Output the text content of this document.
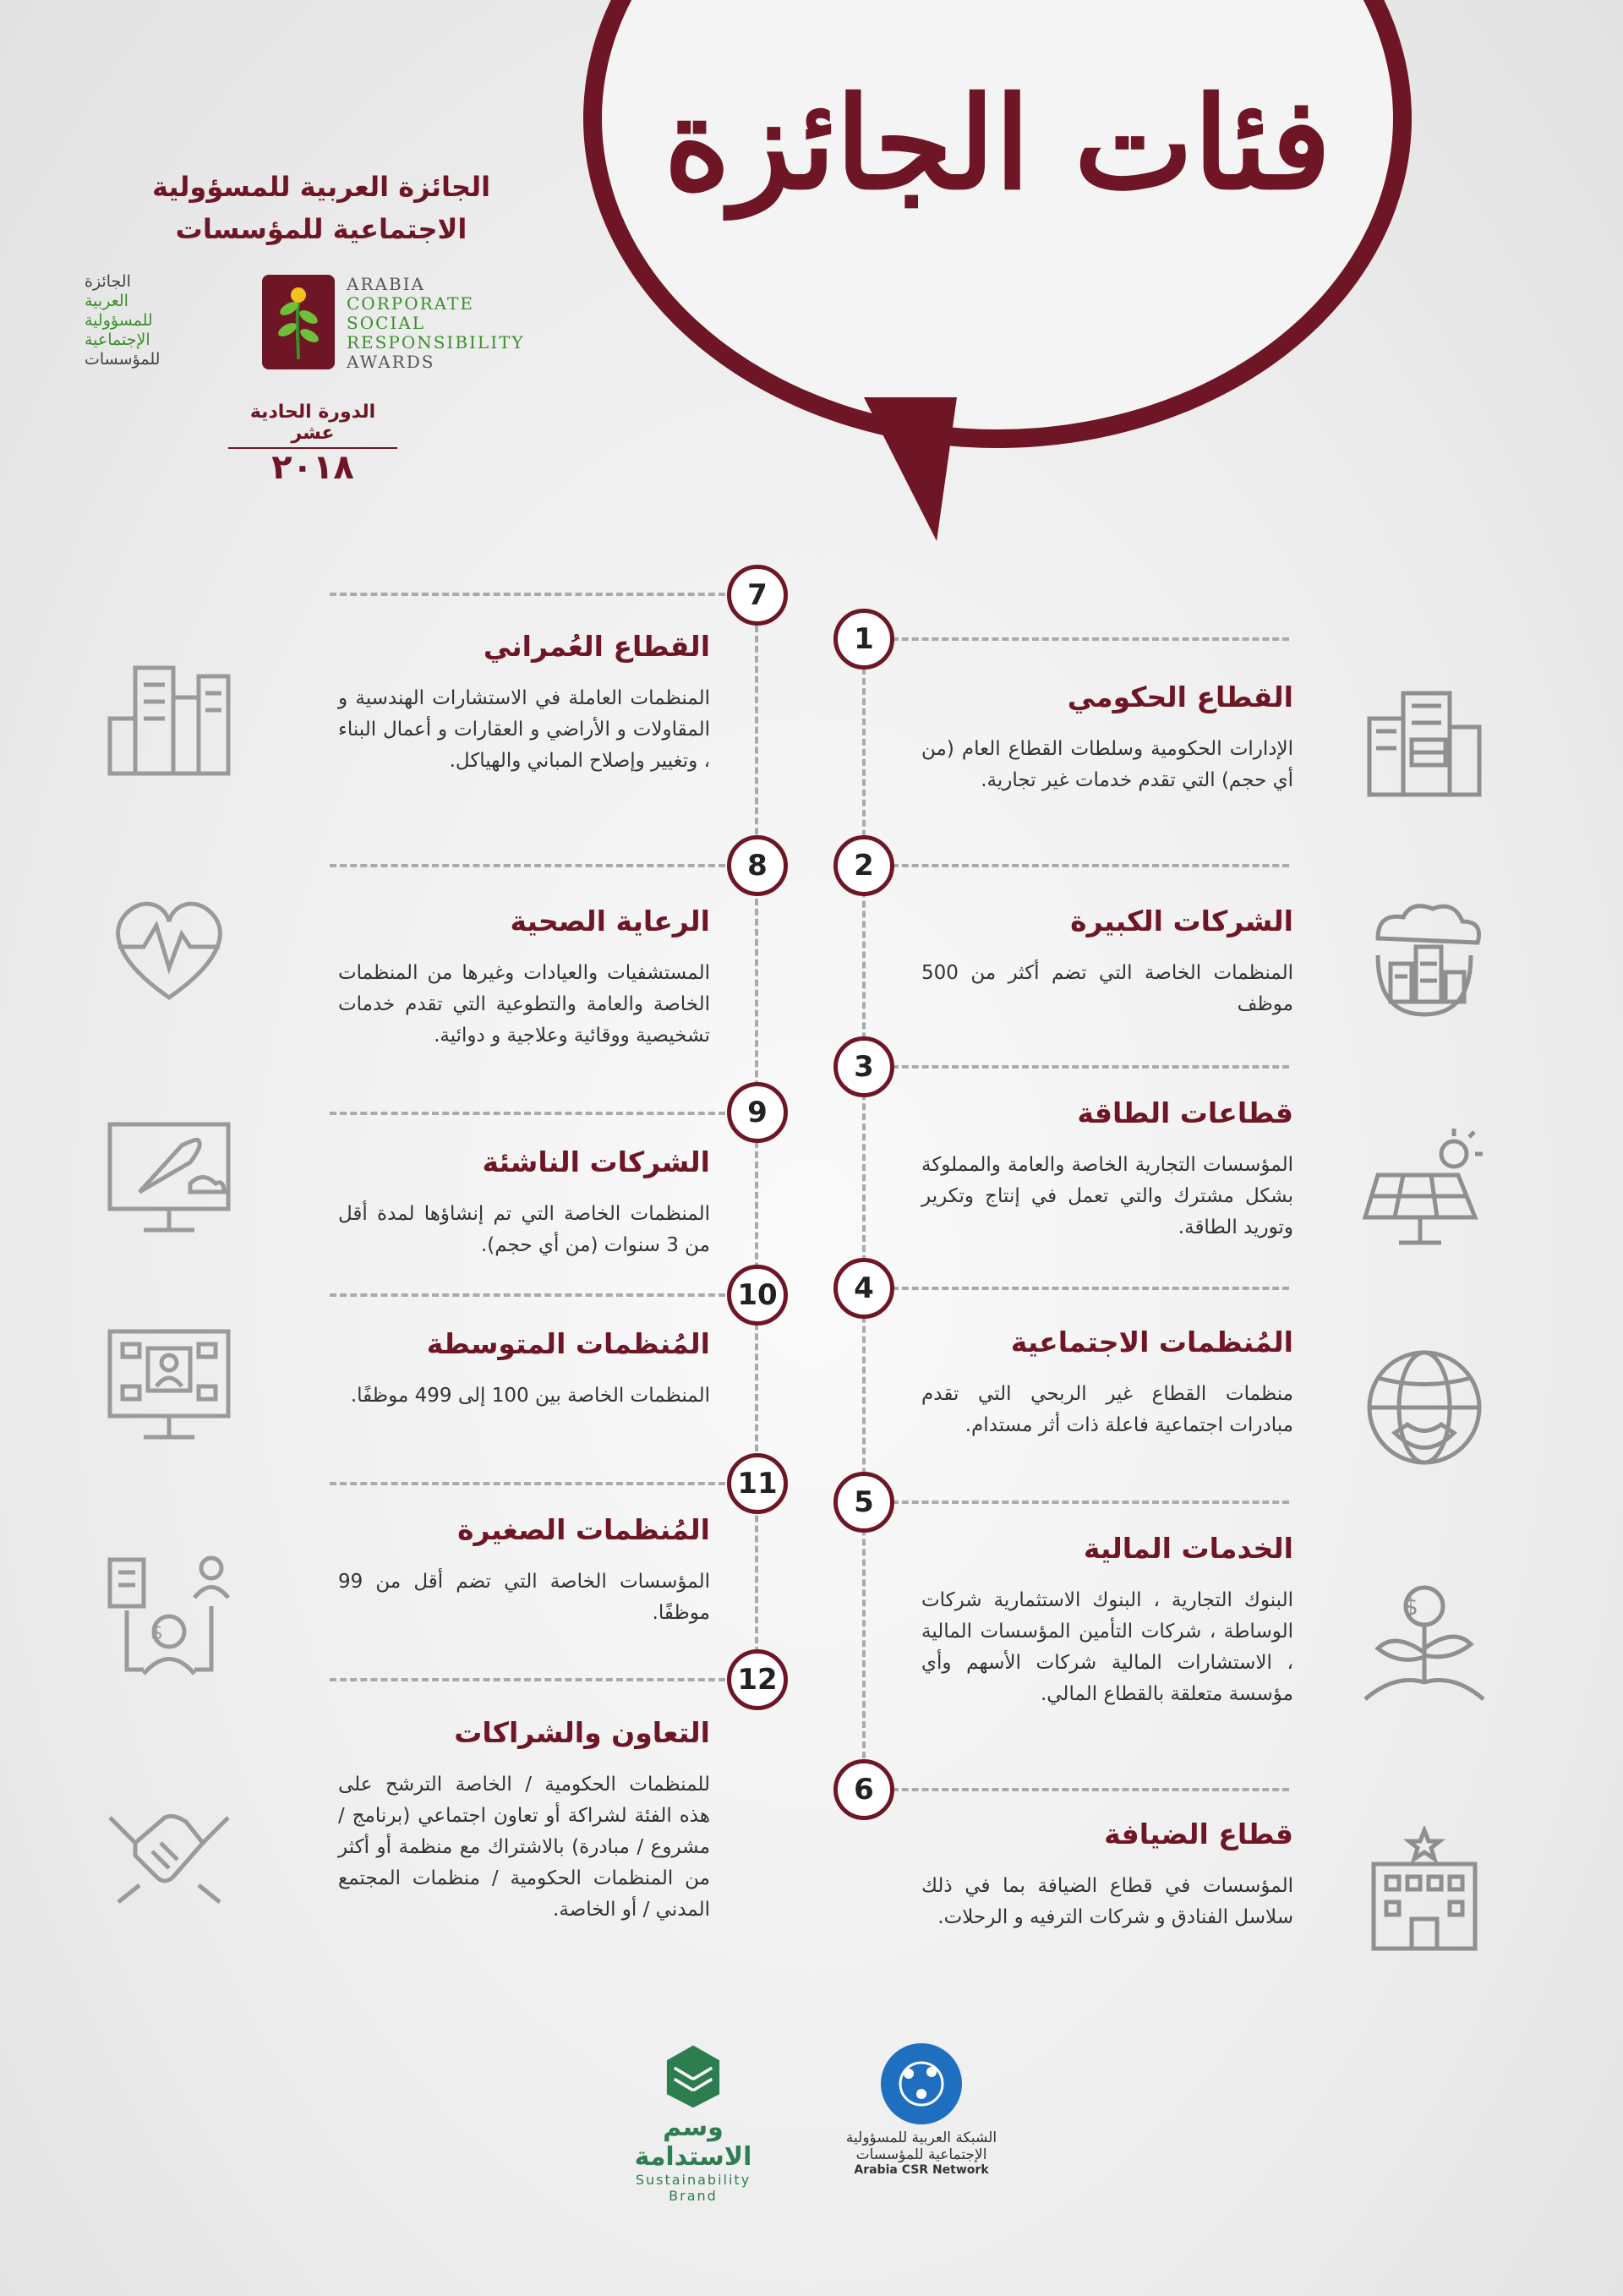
فئات الجائزة
الجائزة العربية للمسؤولية
الاجتماعية للمؤسسات
ARABIA
CORPORATE
SOCIAL
RESPONSIBILITY
AWARDS
الجائزة
العربية
للمسؤولية
الإجتماعية
للمؤسسات
الدورة الحادية عشر
٢٠١٨
1
2
3
4
5
6
7
8
9
10
11
12
القطاع الحكومي

الإدارات الحكومية وسلطات القطاع العام (من أي حجم) التي تقدم خدمات غير تجارية.

الشركات الكبيرة

المنظمات الخاصة التي تضم أكثر من 500 موظف

قطاعات الطاقة

المؤسسات التجارية الخاصة والعامة والمملوكة بشكل مشترك والتي تعمل في إنتاج وتكرير وتوريد الطاقة.

المُنظمات الاجتماعية

منظمات القطاع غير الربحي التي تقدم مبادرات اجتماعية فاعلة ذات أثر مستدام.

الخدمات المالية

البنوك التجارية ، البنوك الاستثمارية شركات الوساطة ، شركات التأمين المؤسسات المالية ، الاستشارات المالية شركات الأسهم وأي مؤسسة متعلقة بالقطاع المالي.

قطاع الضيافة

المؤسسات في قطاع الضيافة بما في ذلك سلاسل الفنادق و شركات الترفيه و الرحلات.

القطاع العُمراني

المنظمات العاملة في الاستشارات الهندسية و المقاولات و الأراضي و العقارات و أعمال البناء ، وتغيير وإصلاح المباني والهياكل.

الرعاية الصحية

المستشفيات والعيادات وغيرها من المنظمات الخاصة والعامة والتطوعية التي تقدم خدمات تشخيصية ووقائية وعلاجية و دوائية.

الشركات الناشئة

المنظمات الخاصة التي تم إنشاؤها لمدة أقل من 3 سنوات (من أي حجم).

المُنظمات المتوسطة

المنظمات الخاصة بين 100 إلى 499 موظفًا.

المُنظمات الصغيرة

المؤسسات الخاصة التي تضم أقل من 99 موظفًا.

التعاون والشراكات

للمنظمات الحكومية / الخاصة الترشح على هذه الفئة لشراكة أو تعاون اجتماعي (برنامج / مشروع / مبادرة) بالاشتراك مع منظمة أو أكثر من المنظمات الحكومية / منظمات المجتمع المدني / أو الخاصة.

$
$
وسم الاستدامة
Sustainability Brand
الشبكة العربية للمسؤولية
الإجتماعية للمؤسسات
Arabia CSR Network
